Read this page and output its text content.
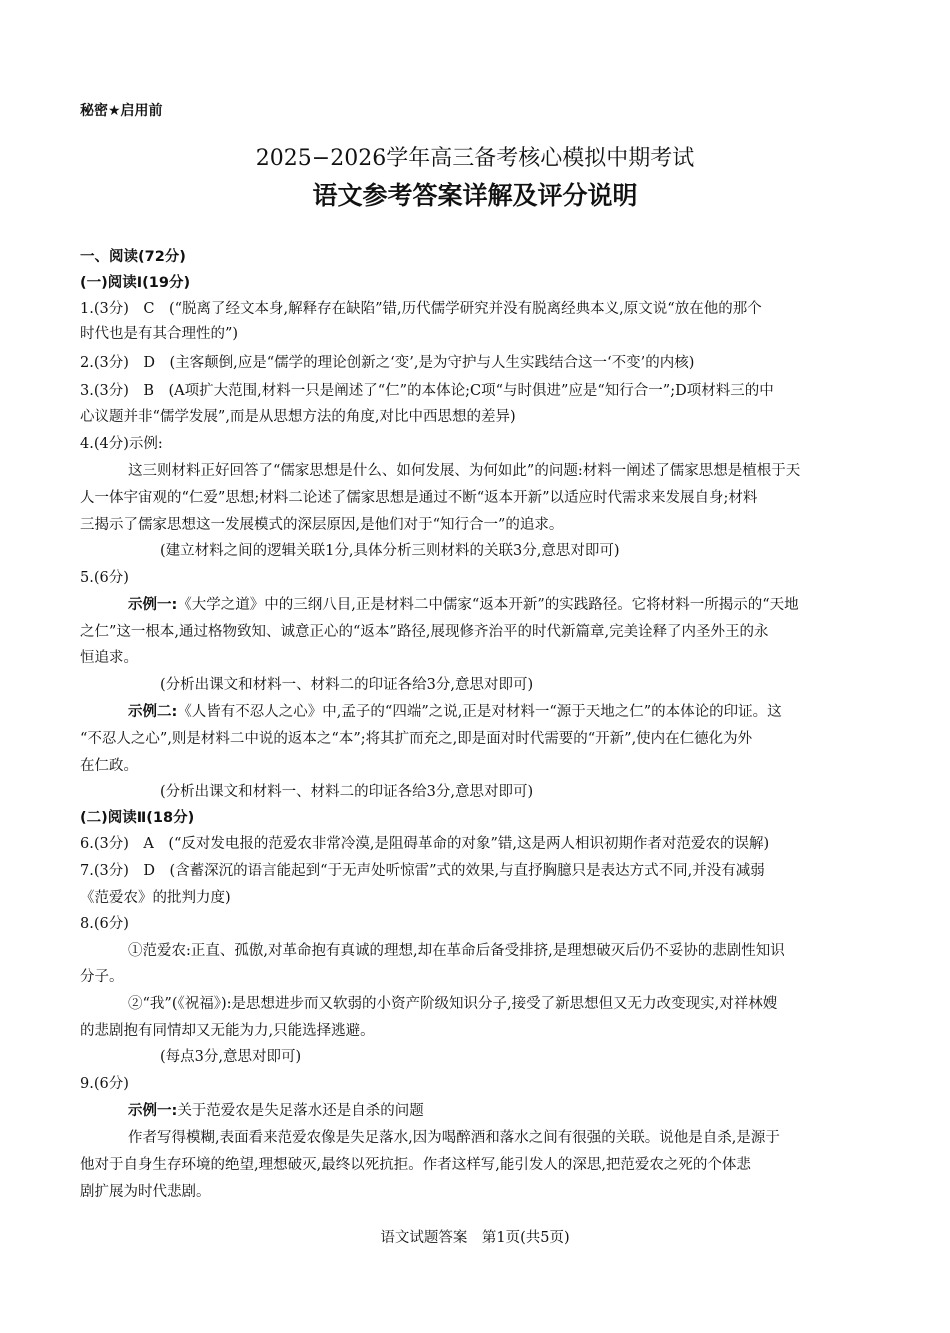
秘密★启用前
2025−2026学年高三备考核心模拟中期考试
语文参考答案详解及评分说明
一、阅读(72分)
(一)阅读Ⅰ(19分)
1.(3分)　C　(“脱离了经文本身,解释存在缺陷”错,历代儒学研究并没有脱离经典本义,原文说“放在他的那个
时代也是有其合理性的”)
2.(3分)　D　(主客颠倒,应是“儒学的理论创新之‘变’,是为守护与人生实践结合这一‘不变’的内核)
3.(3分)　B　(A项扩大范围,材料一只是阐述了“仁”的本体论;C项“与时俱进”应是“知行合一”;D项材料三的中
心议题并非“儒学发展”,而是从思想方法的角度,对比中西思想的差异)
4.(4分)示例:
这三则材料正好回答了“儒家思想是什么、如何发展、为何如此”的问题:材料一阐述了儒家思想是植根于天
人一体宇宙观的“仁爱”思想;材料二论述了儒家思想是通过不断“返本开新”以适应时代需求来发展自身;材料
三揭示了儒家思想这一发展模式的深层原因,是他们对于“知行合一”的追求。
(建立材料之间的逻辑关联1分,具体分析三则材料的关联3分,意思对即可)
5.(6分)
示例一:《大学之道》中的三纲八目,正是材料二中儒家“返本开新”的实践路径。它将材料一所揭示的“天地
之仁”这一根本,通过格物致知、诚意正心的“返本”路径,展现修齐治平的时代新篇章,完美诠释了内圣外王的永
恒追求。
(分析出课文和材料一、材料二的印证各给3分,意思对即可)
示例二:《人皆有不忍人之心》中,孟子的“四端”之说,正是对材料一“源于天地之仁”的本体论的印证。这
“不忍人之心”,则是材料二中说的返本之“本”;将其扩而充之,即是面对时代需要的“开新”,使内在仁德化为外
在仁政。
(分析出课文和材料一、材料二的印证各给3分,意思对即可)
(二)阅读Ⅱ(18分)
6.(3分)　A　(“反对发电报的范爱农非常冷漠,是阻碍革命的对象”错,这是两人相识初期作者对范爱农的误解)
7.(3分)　D　(含蓄深沉的语言能起到“于无声处听惊雷”式的效果,与直抒胸臆只是表达方式不同,并没有减弱
《范爱农》的批判力度)
8.(6分)
①范爱农:正直、孤傲,对革命抱有真诚的理想,却在革命后备受排挤,是理想破灭后仍不妥协的悲剧性知识
分子。
②“我”(《祝福》):是思想进步而又软弱的小资产阶级知识分子,接受了新思想但又无力改变现实,对祥林嫂
的悲剧抱有同情却又无能为力,只能选择逃避。
(每点3分,意思对即可)
9.(6分)
示例一:关于范爱农是失足落水还是自杀的问题
作者写得模糊,表面看来范爱农像是失足落水,因为喝醉酒和落水之间有很强的关联。说他是自杀,是源于
他对于自身生存环境的绝望,理想破灭,最终以死抗拒。作者这样写,能引发人的深思,把范爱农之死的个体悲
剧扩展为时代悲剧。
语文试题答案　第1页(共5页)
